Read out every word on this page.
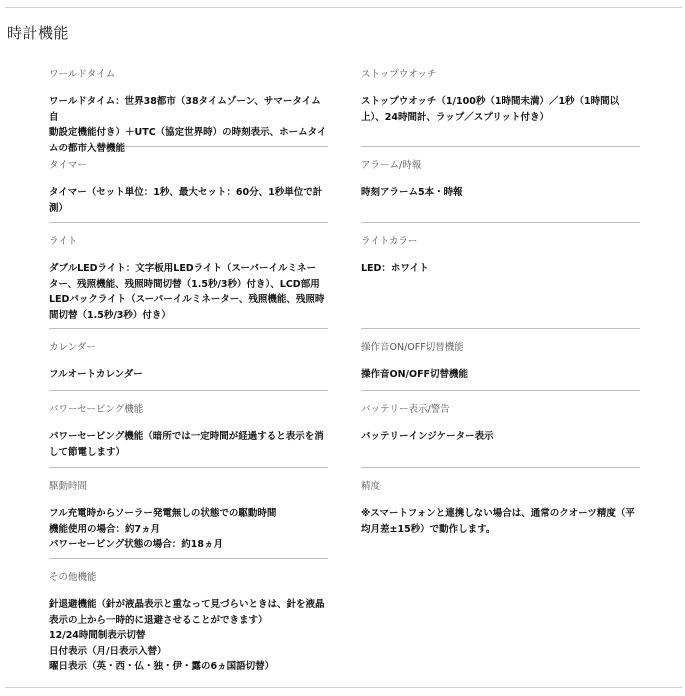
時計機能
ワールドタイム
ワールドタイム：世界38都市（38タイムゾーン、サマータイム自
動設定機能付き）＋UTC（協定世界時）の時刻表示、ホームタイ
ムの都市入替機能
タイマー
タイマー（セット単位：1秒、最大セット：60分、1秒単位で計
測）
ライト
ダブルLEDライト：文字板用LEDライト（スーパーイルミネー
ター、残照機能、残照時間切替（1.5秒/3秒）付き）、LCD部用
LEDバックライト（スーパーイルミネーター、残照機能、残照時
間切替（1.5秒/3秒）付き）
カレンダー
フルオートカレンダー
パワーセービング機能
パワーセービング機能（暗所では一定時間が経過すると表示を消
して節電します）
駆動時間
フル充電時からソーラー発電無しの状態での駆動時間
機能使用の場合：約7ヵ月
パワーセービング状態の場合：約18ヵ月
その他機能
針退避機能（針が液晶表示と重なって見づらいときは、針を液晶
表示の上から一時的に退避させることができます）
12/24時間制表示切替
日付表示（月/日表示入替）
曜日表示（英・西・仏・独・伊・露の6ヵ国語切替）
ストップウオッチ
ストップウオッチ（1/100秒（1時間未満）／1秒（1時間以
上）、24時間計、ラップ／スプリット付き）
アラーム/時報
時刻アラーム5本・時報
ライトカラー
LED：ホワイト
操作音ON/OFF切替機能
操作音ON/OFF切替機能
バッテリー表示/警告
バッテリーインジケーター表示
精度
※スマートフォンと連携しない場合は、通常のクオーツ精度（平
均月差±15秒）で動作します。
